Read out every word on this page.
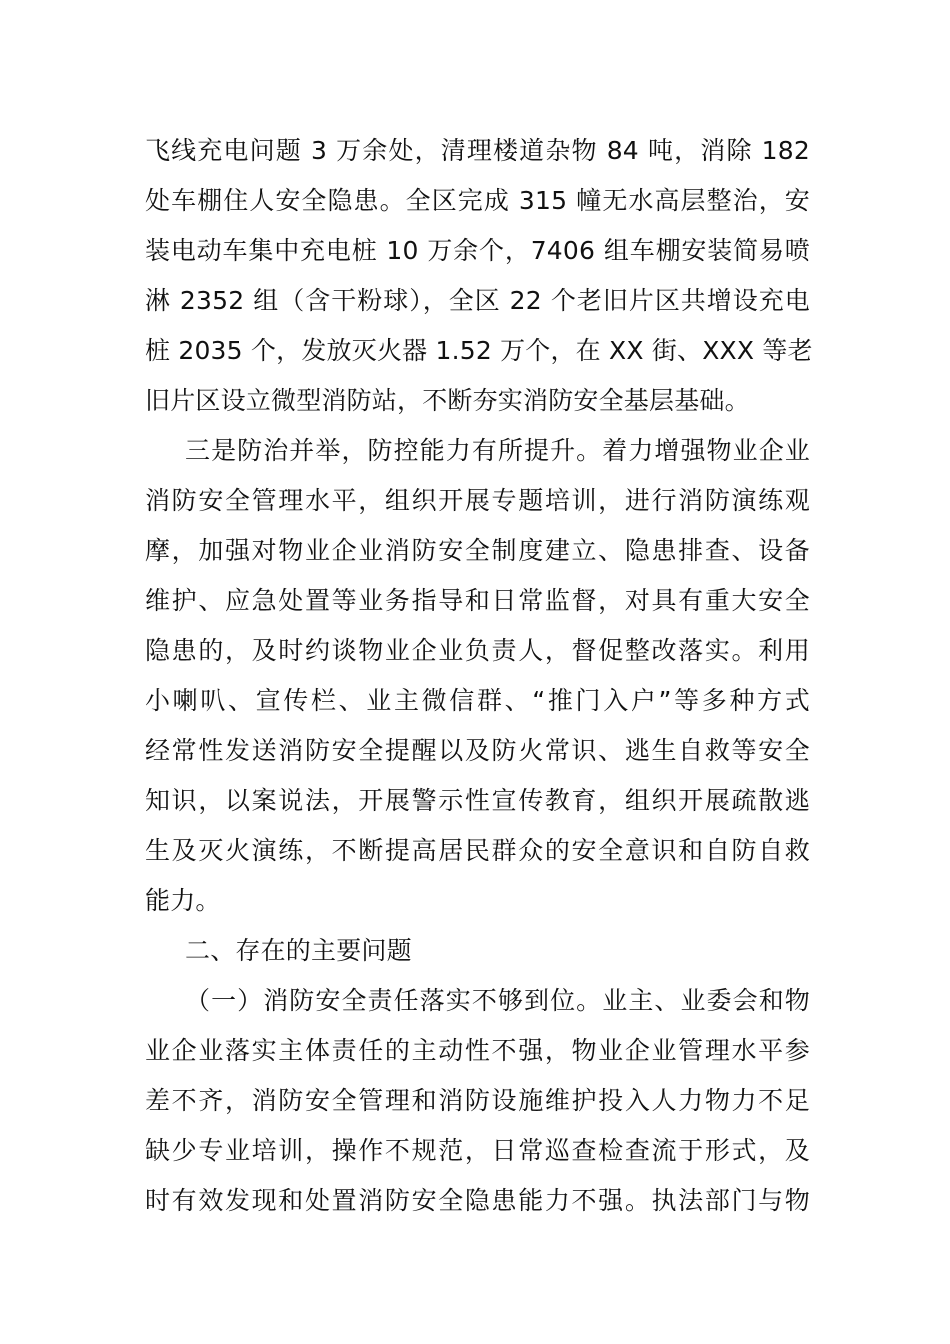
飞线充电问题 3 万余处，清理楼道杂物 84 吨，消除 182
处车棚住人安全隐患。全区完成 315 幢无水高层整治，安
装电动车集中充电桩 10 万余个，7406 组车棚安装简易喷
淋 2352 组（含干粉球），全区 22 个老旧片区共增设充电
桩 2035 个，发放灭火器 1.52 万个，在 XX 街、XXX 等老
旧片区设立微型消防站，不断夯实消防安全基层基础。
三是防治并举，防控能力有所提升。着力增强物业企业
消防安全管理水平，组织开展专题培训，进行消防演练观
摩，加强对物业企业消防安全制度建立、隐患排查、设备
维护、应急处置等业务指导和日常监督，对具有重大安全
隐患的，及时约谈物业企业负责人，督促整改落实。利用
小喇叭、宣传栏、业主微信群、“推门入户”等多种方式
经常性发送消防安全提醒以及防火常识、逃生自救等安全
知识，以案说法，开展警示性宣传教育，组织开展疏散逃
生及灭火演练，不断提高居民群众的安全意识和自防自救
能力。
二、存在的主要问题
（一）消防安全责任落实不够到位。业主、业委会和物
业企业落实主体责任的主动性不强，物业企业管理水平参
差不齐，消防安全管理和消防设施维护投入人力物力不足
缺少专业培训，操作不规范，日常巡查检查流于形式，及
时有效发现和处置消防安全隐患能力不强。执法部门与物
